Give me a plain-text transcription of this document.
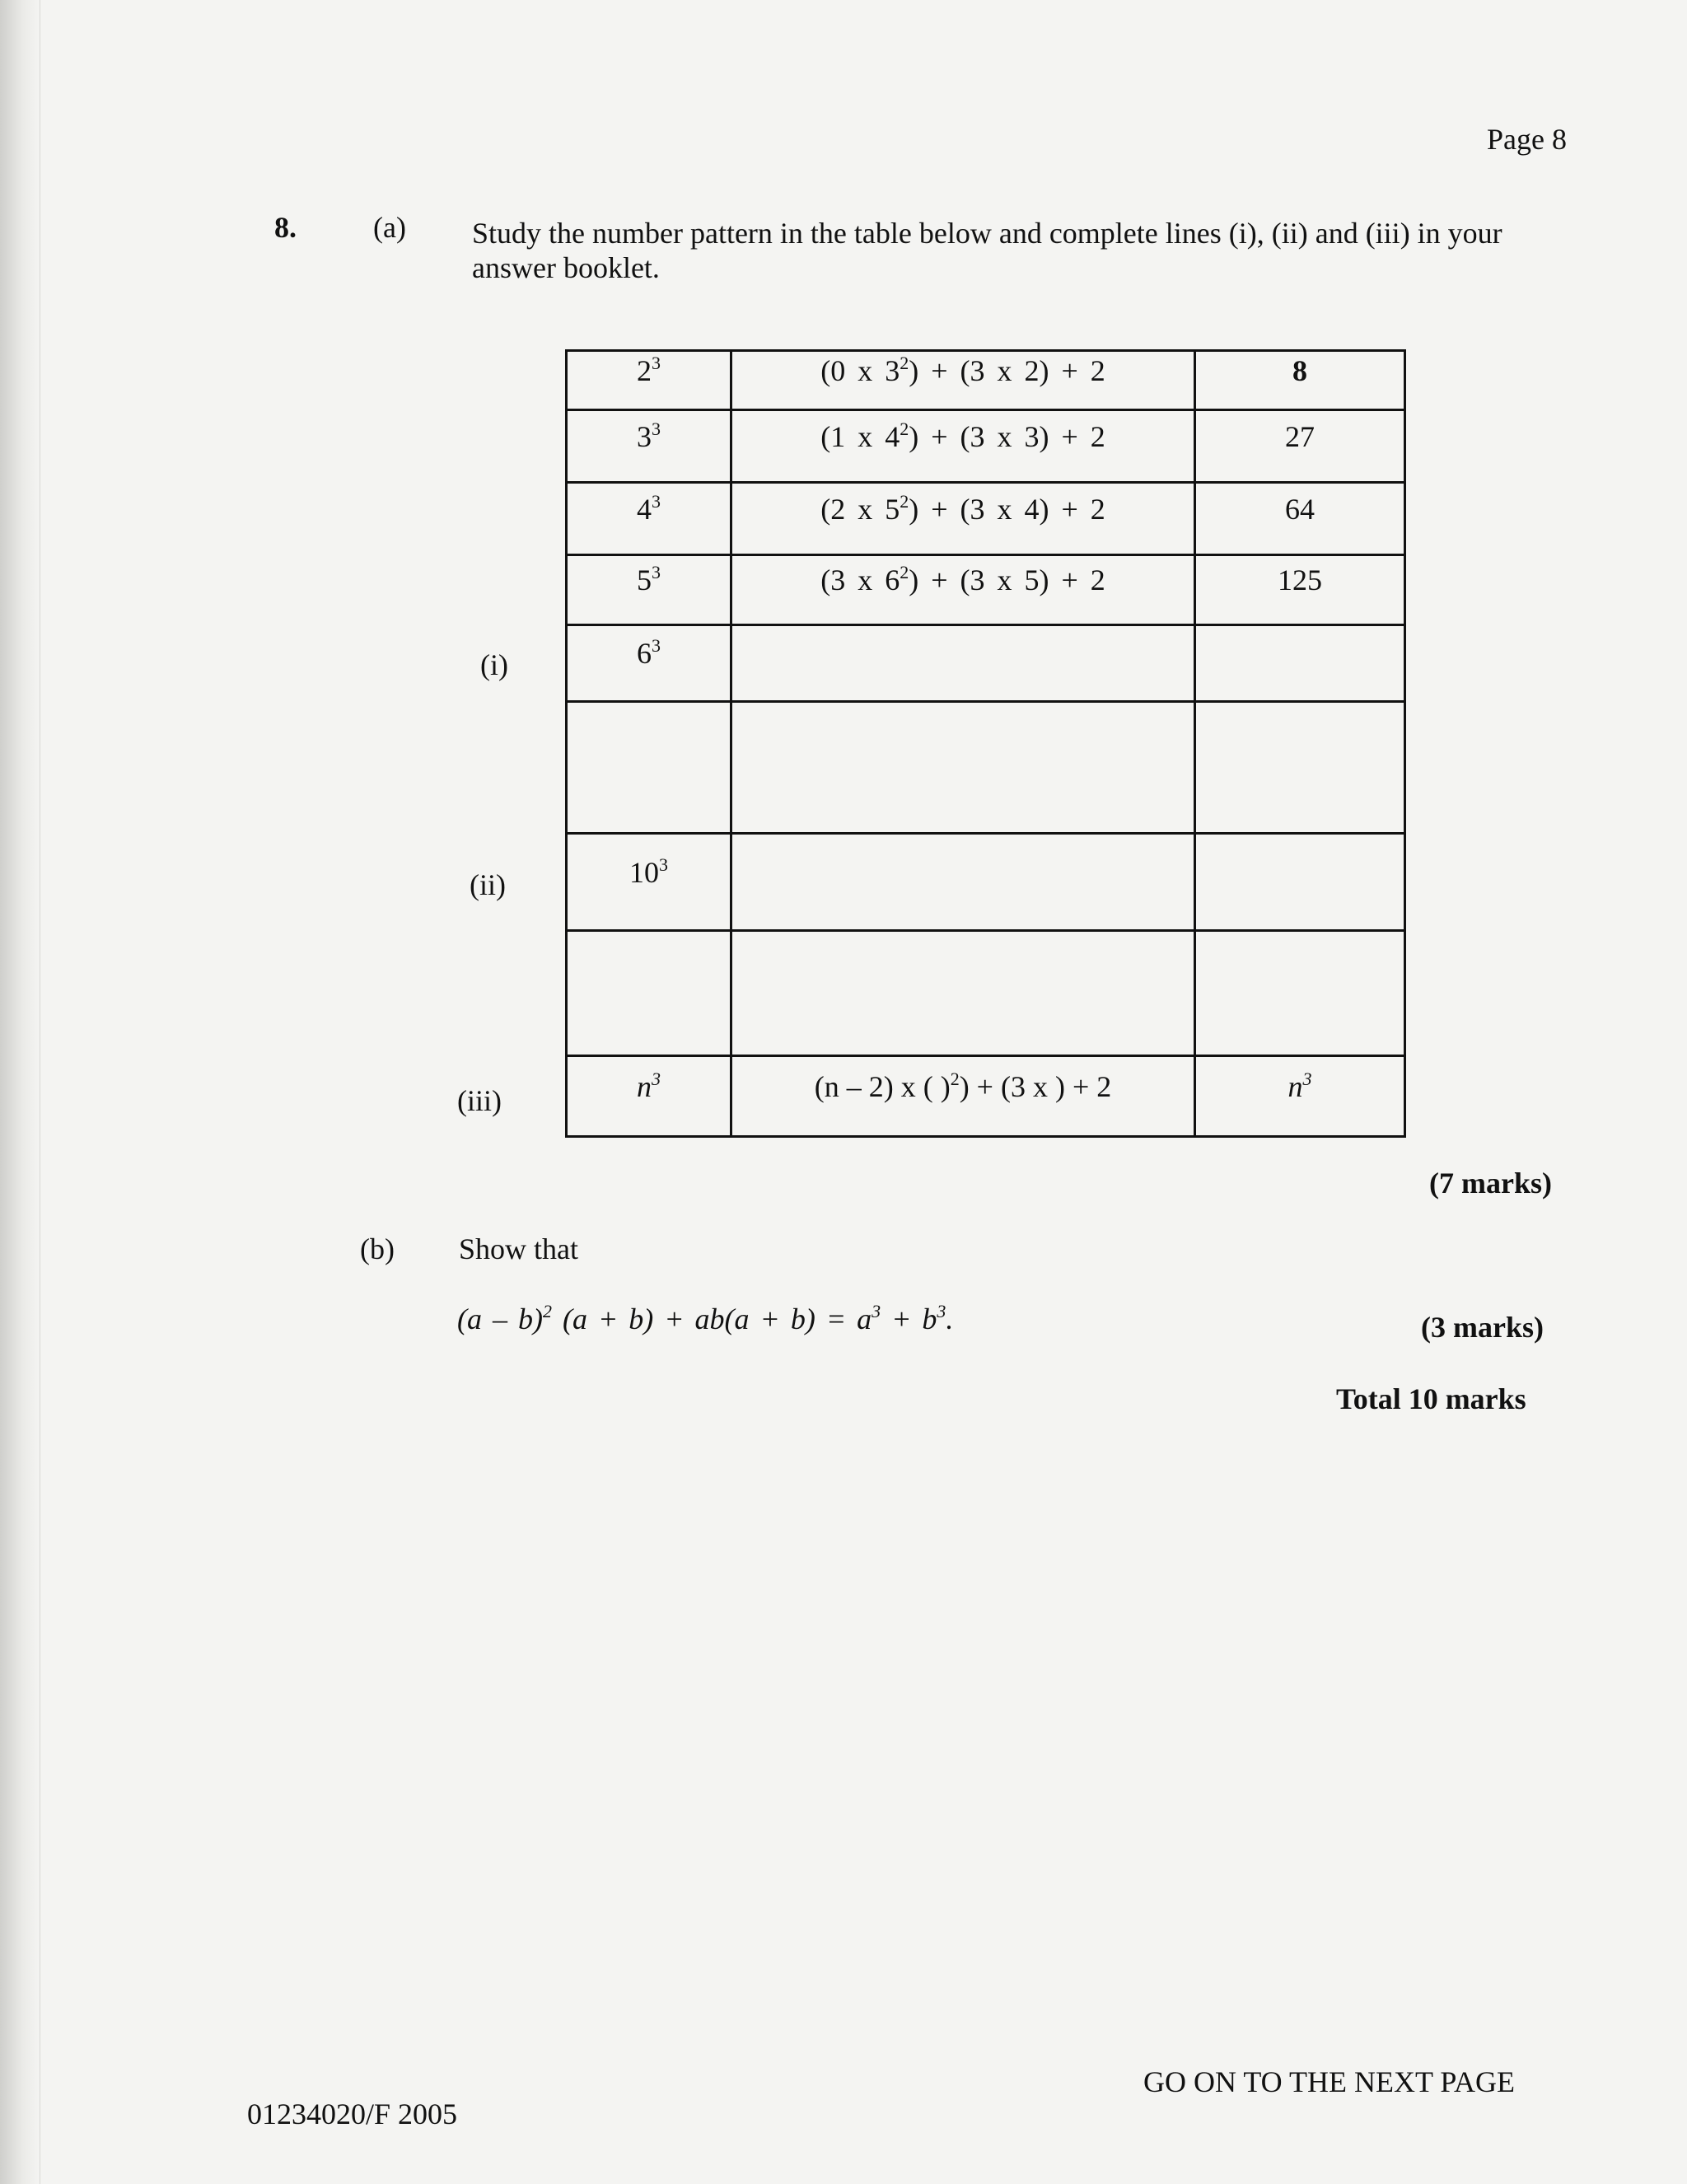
Page 8
8.	(a) Study the number pattern in the table below and complete lines (i), (ii) and (iii) in your answer booklet.
(i)
(ii)
(iii)
$2^3$	(0 x $3^2) + (3$ x 2) + 2	8

$3^3$	(1 x $4^2) + (3$ x 3) + 2	27

$4^3$	(2 x $5^2) + (3$ x 4) + 2	64

$5^3$	(3 x $6^2) + (3$ x 5) + 2	125

$6^3$

$10^3$

$n^3$	(n – 2) x ( )$^2$) + (3 x ) + 2	$n^3$
(7 marks)
(b) Show that
(a – b)$^2$ $(a + b) + ab(a + b) = a^3 + b^3$.	(3 marks)
Total 10 marks
GO ON TO THE NEXT PAGE
01234020/F 2005
